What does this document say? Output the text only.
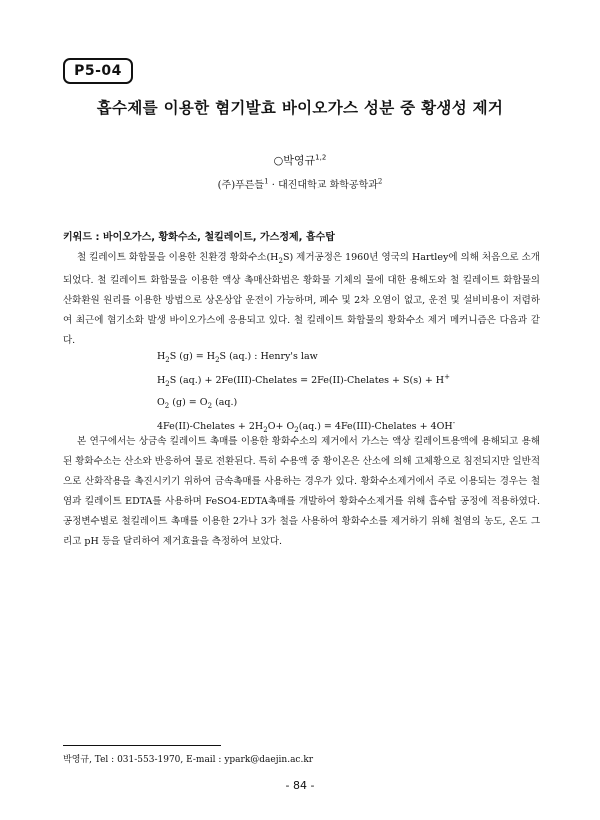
P5-04
흡수제를 이용한 혐기발효 바이오가스 성분 중 황생성 제거
○박영규$^{1,2}$
(주)푸른들$^1$ · 대진대학교 화학공학과$^2$
키워드 : 바이오가스, 황화수소, 철킬레이트, 가스정제, 흡수탑

철 킬레이트 화합물을 이용한 친환경 황화수소$(H_2S)$ 제거공정은 1960년 영국의 Hartley에 의해 처음으로 소개 되었다. 철 킬레이트 화합물을 이용한 액상 촉매산화법은 황화물 기체의 물에 대한 용해도와 철 킬레이트 화합물의 산화환원 원리를 이용한 방법으로 상온상압 운전이 가능하며, 폐수 및 2차 오염이 없고, 운전 및 설비비용이 저렴하여 최근에 혐기소화 발생 바이오가스에 응용되고 있다. 철 킬레이트 화합물의 황화수소 제거 메커니즘은 다음과 같다.

$H_2S$ $(g) = H_2S$ (aq.) : Henry's law
$H_2S$ (aq.) + 2Fe(III)-Chelates = 2Fe(II)-Chelates + S(s) + H+
$O_2$ $(g) = O_2$ (aq.)
4Fe(II)-Chelates + $2H_2O+ O_2(aq.)$ = 4Fe(III)-Chelates + 4OH-

본 연구에서는 상금속 킬레이트 촉매를 이용한 황화수소의 제거에서 가스는 액상 킬레이트용액에 용해되고 용해된 황화수소는 산소와 반응하여 물로 전환된다. 특히 수용액 중 황이온은 산소에 의해 고체황으로 침전되지만 일반적으로 산화작용을 촉진시키기 위하여 금속촉매를 사용하는 경우가 있다. 황화수소제거에서 주로 이용되는 경우는 철염과 킬레이트 EDTA를 사용하며 FeSO4-EDTA촉매를 개발하여 황화수소제거를 위해 흡수탑 공정에 적용하였다. 공정변수별로 철킬레이트 촉매를 이용한 2가나 3가 철을 사용하여 황화수소를 제거하기 위해 철염의 농도, 온도 그리고 pH 등을 달리하여 제거효율을 측정하여 보았다.

박영규, Tel : 031-553-1970, E-mail : ypark@daejin.ac.kr
- 84 -
